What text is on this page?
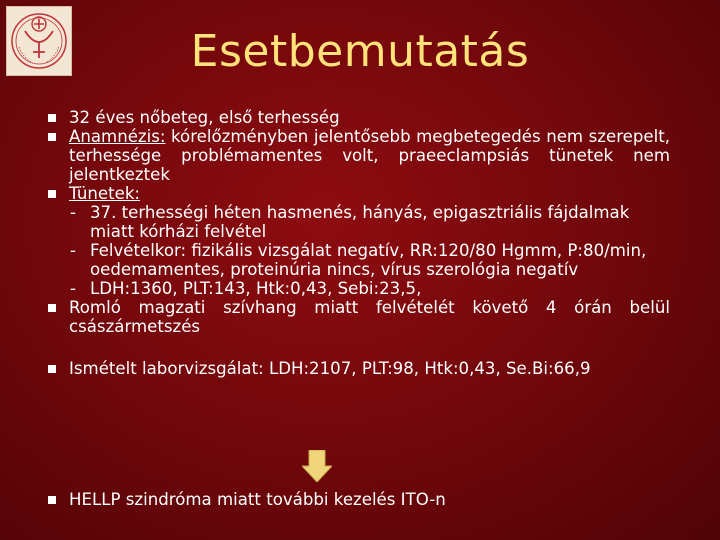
Esetbemutatás
32 éves nőbeteg, első terhesség
Anamnézis: kórelőzményben jelentősebb megbetegedés nem szerepelt, terhessége problémamentes volt, praeeclampsiás tünetek nem jelentkeztek
Tünetek:
- 37. terhességi héten hasmenés, hányás, epigasztriális fájdalmak miatt kórházi felvétel
- Felvételkor: fizikális vizsgálat negatív, RR:120/80 Hgmm, P:80/min, oedemamentes, proteinúria nincs, vírus szerológia negatív
- LDH:1360, PLT:143, Htk:0,43, Sebi:23,5,
Romló magzati szívhang miatt felvételét követő 4 órán belül császármetszés
Ismételt laborvizsgálat: LDH:2107, PLT:98, Htk:0,43, Se.Bi:66,9
HELLP szindróma miatt további kezelés ITO-n
